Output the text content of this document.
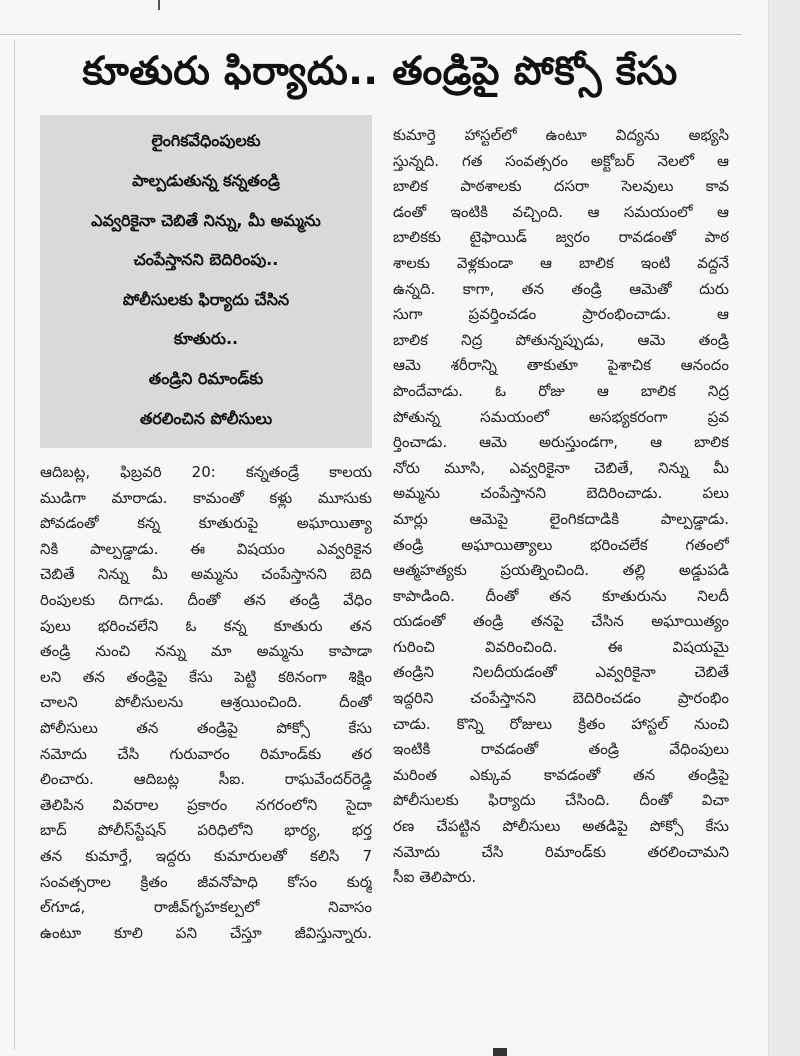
కూతురు ఫిర్యాదు.. తండ్రిపై పోక్సో కేసు
లైంగికవేధింపులకు
పాల్పడుతున్న కన్నతండ్రి
ఎవ్వరికైనా చెబితే నిన్ను, మీ అమ్మను
చంపేస్తానని బెదిరింపు..
పోలీసులకు ఫిర్యాదు చేసిన
కూతురు..
తండ్రిని రిమాండ్‌కు
తరలించిన పోలీసులు
ఆదిబట్ల, ఫిబ్రవరి 20: కన్నతండ్రే కాలయ
ముడిగా మారాడు. కామంతో కళ్లు మూసుకు
పోవడంతో కన్న కూతురుపై అఘాయిత్యా
నికి పాల్పడ్డాడు. ఈ విషయం ఎవ్వరికైన
చెబితే నిన్ను మీ అమ్మను చంపేస్తానని బెది
రింపులకు దిగాడు. దీంతో తన తండ్రి వేధిం
పులు భరించలేని ఓ కన్న కూతురు తన
తండ్రి నుంచి నన్ను మా అమ్మను కాపాడా
లని తన తండ్రిపై కేసు పెట్టి కఠినంగా శిక్షిం
చాలని పోలీసులను ఆశ్రయించింది. దీంతో
పోలీసులు తన తండ్రిపై పోక్సో కేసు
నమోదు చేసి గురువారం రిమాండ్‌కు తర
లించారు. ఆదిబట్ల సీఐ. రాఘవేందర్‌రెడ్డి
తెలిపిన వివరాల ప్రకారం నగరంలోని సైదా
బాద్ పోలీస్‌స్టేషన్ పరిధిలోని భార్య, భర్త
తన కుమార్తే, ఇద్దరు కుమారులతో కలిసి 7
సంవత్సరాల క్రితం జీవనోపాధి కోసం కుర్మ
ల్‌గూడ, రాజీవ్‌గృహకల్పలో నివాసం
ఉంటూ కూలి పని చేస్తూ జీవిస్తున్నారు.
కుమార్తె హాస్టల్‌లో ఉంటూ విద్యను అభ్యసి
స్తున్నది. గత సంవత్సరం అక్టోబర్ నెలలో ఆ
బాలిక పాఠశాలకు దసరా సెలవులు కావ
డంతో ఇంటికి వచ్చింది. ఆ సమయంలో ఆ
బాలికకు టైఫాయిడ్ జ్వరం రావడంతో పాఠ
శాలకు వెళ్లకుండా ఆ బాలిక ఇంటి వద్దనే
ఉన్నది. కాగా, తన తండ్రి ఆమెతో దురు
సుగా ప్రవర్తించడం ప్రారంభించాడు. ఆ
బాలిక నిద్ర పోతున్నప్పుడు, ఆమె తండ్రి
ఆమె శరీరాన్ని తాకుతూ పైశాచిక ఆనందం
పొందేవాడు. ఓ రోజు ఆ బాలిక నిద్ర
పోతున్న సమయంలో అసభ్యకరంగా ప్రవ
ర్తించాడు. ఆమె అరుస్తుండగా, ఆ బాలిక
నోరు మూసి, ఎవ్వరికైనా చెబితే, నిన్ను మీ
అమ్మను చంపేస్తానని బెదిరించాడు. పలు
మార్లు ఆమెపై లైంగికదాడికి పాల్పడ్డాడు.
తండ్రి అఘాయిత్యాలు భరించలేక గతంలో
ఆత్మహత్యకు ప్రయత్నించింది. తల్లి అడ్డుపడి
కాపాడింది. దీంతో తన కూతురును నిలదీ
యడంతో తండ్రి తనపై చేసిన అఘాయిత్యం
గురించి వివరించింది. ఈ విషయమై
తండ్రిని నిలదీయడంతో ఎవ్వరికైనా చెబితే
ఇద్దరిని చంపేస్తానని బెదిరించడం ప్రారంభిం
చాడు. కొన్ని రోజులు క్రితం హాస్టల్ నుంచి
ఇంటికి రావడంతో తండ్రి వేధింపులు
మరింత ఎక్కువ కావడంతో తన తండ్రిపై
పోలీసులకు ఫిర్యాదు చేసింది. దీంతో విచా
రణ చేపట్టిన పోలీసులు అతడిపై పోక్సో కేసు
నమోదు చేసి రిమాండ్‌కు తరలించామని
సీఐ తెలిపారు.
